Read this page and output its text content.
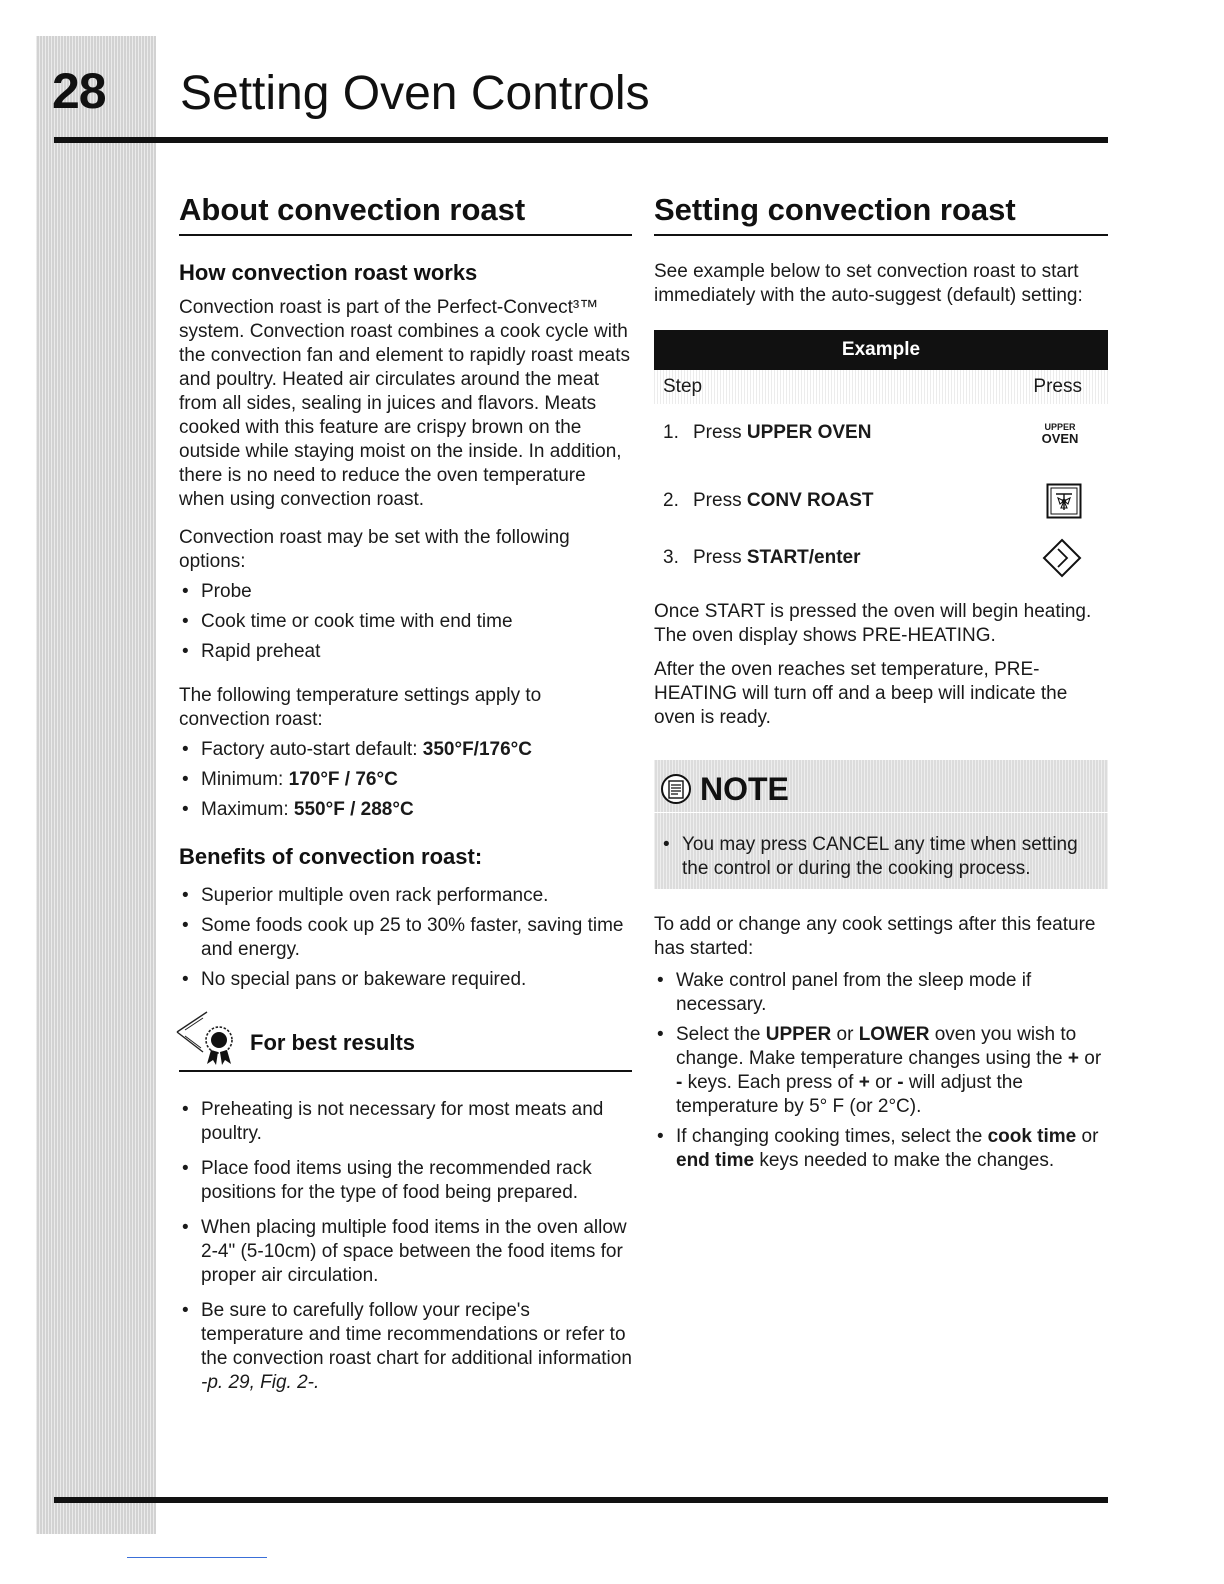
28 Setting Oven Controls
About convection roast
How convection roast works

Convection roast is part of the Perfect-Convect³™ system. Convection roast combines a cook cycle with the convection fan and element to rapidly roast meats and poultry. Heated air circulates around the meat from all sides, sealing in juices and flavors. Meats cooked with this feature are crispy brown on the outside while staying moist on the inside. In addition, there is no need to reduce the oven temperature when using convection roast.

Convection roast may be set with the following options:

• Probe
• Cook time or cook time with end time
• Rapid preheat

The following temperature settings apply to convection roast:

• Factory auto-start default: 350°F/176°C
• Minimum: 170°F / 76°C
• Maximum: 550°F / 288°C
Benefits of convection roast:
• Superior multiple oven rack performance.
• Some foods cook up 25 to 30% faster, saving time and energy.
• No special pans or bakeware required.
For best results
• Preheating is not necessary for most meats and poultry.
• Place food items using the recommended rack positions for the type of food being prepared.
• When placing multiple food items in the oven allow 2-4" (5-10cm) of space between the food items for proper air circulation.
• Be sure to carefully follow your recipe's temperature and time recommendations or refer to the convection roast chart for additional information -p. 29, Fig. 2-.
Setting convection roast

See example below to set convection roast to start immediately with the auto-suggest (default) setting:

Example
Step	Press
1. Press UPPER OVEN	UPPER
OVEN
2. Press CONV ROAST
3. Press START/enter

Once START is pressed the oven will begin heating. The oven display shows PRE-HEATING.

After the oven reaches set temperature, PRE-HEATING will turn off and a beep will indicate the oven is ready.

NOTE
• You may press CANCEL any time when setting the control or during the cooking process.

To add or change any cook settings after this feature has started:

• Wake control panel from the sleep mode if necessary.
• Select the UPPER or LOWER oven you wish to change. Make temperature changes using the + or - keys. Each press of + or - will adjust the temperature by 5° F (or 2°C).
• If changing cooking times, select the cook time or end time keys needed to make the changes.
